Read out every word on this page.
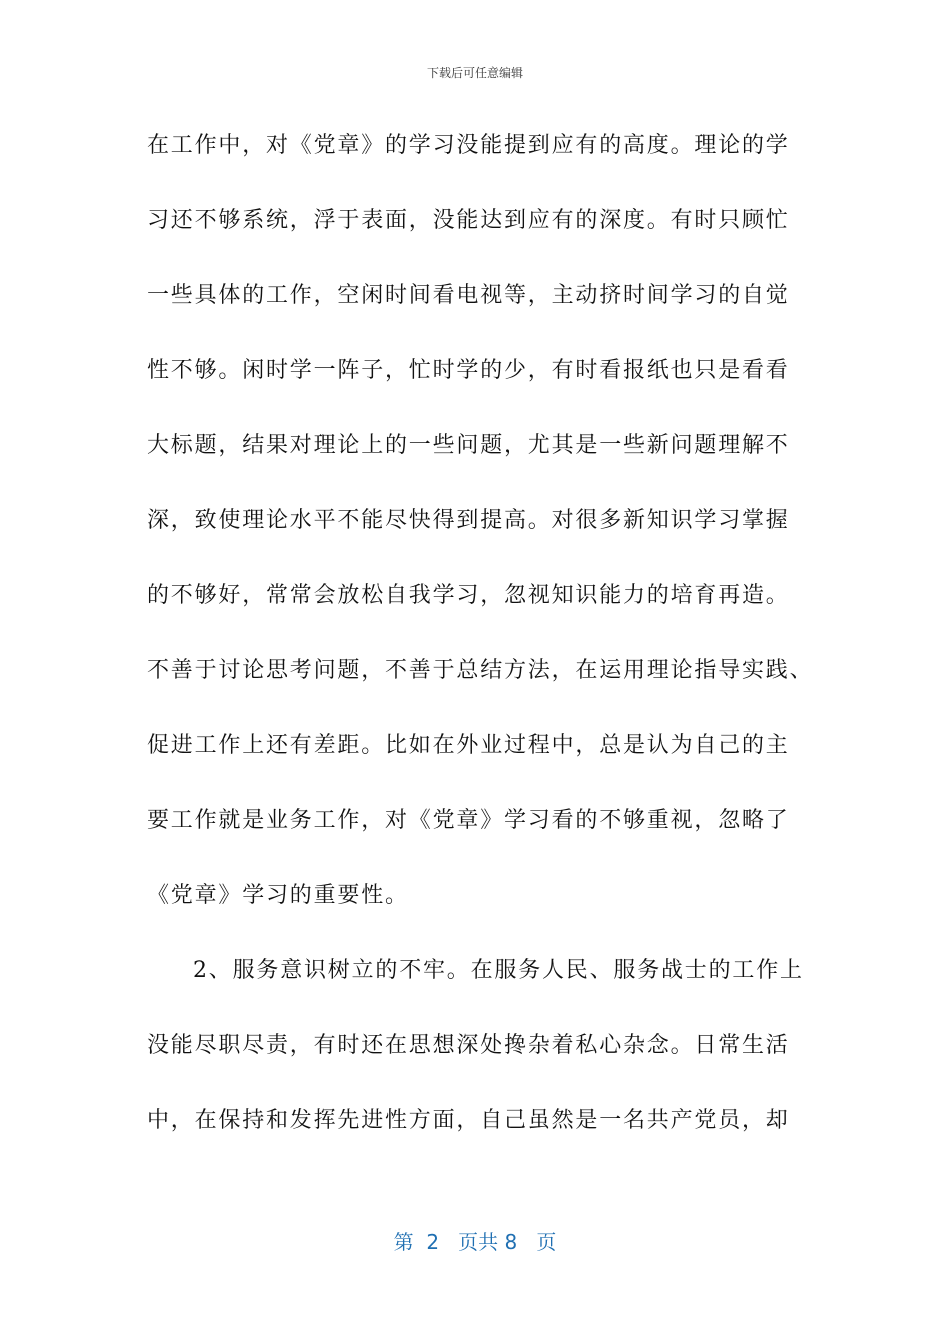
下载后可任意编辑
在工作中，对《党章》的学习没能提到应有的高度。理论的学
习还不够系统，浮于表面，没能达到应有的深度。有时只顾忙
一些具体的工作，空闲时间看电视等，主动挤时间学习的自觉
性不够。闲时学一阵子，忙时学的少，有时看报纸也只是看看
大标题，结果对理论上的一些问题，尤其是一些新问题理解不
深，致使理论水平不能尽快得到提高。对很多新知识学习掌握
的不够好，常常会放松自我学习，忽视知识能力的培育再造。
不善于讨论思考问题，不善于总结方法，在运用理论指导实践、
促进工作上还有差距。比如在外业过程中，总是认为自己的主
要工作就是业务工作，对《党章》学习看的不够重视，忽略了
《党章》学习的重要性。
2、服务意识树立的不牢。在服务人民、服务战士的工作上
没能尽职尽责，有时还在思想深处搀杂着私心杂念。日常生活
中，在保持和发挥先进性方面，自己虽然是一名共产党员，却
第  2   页共 8   页
